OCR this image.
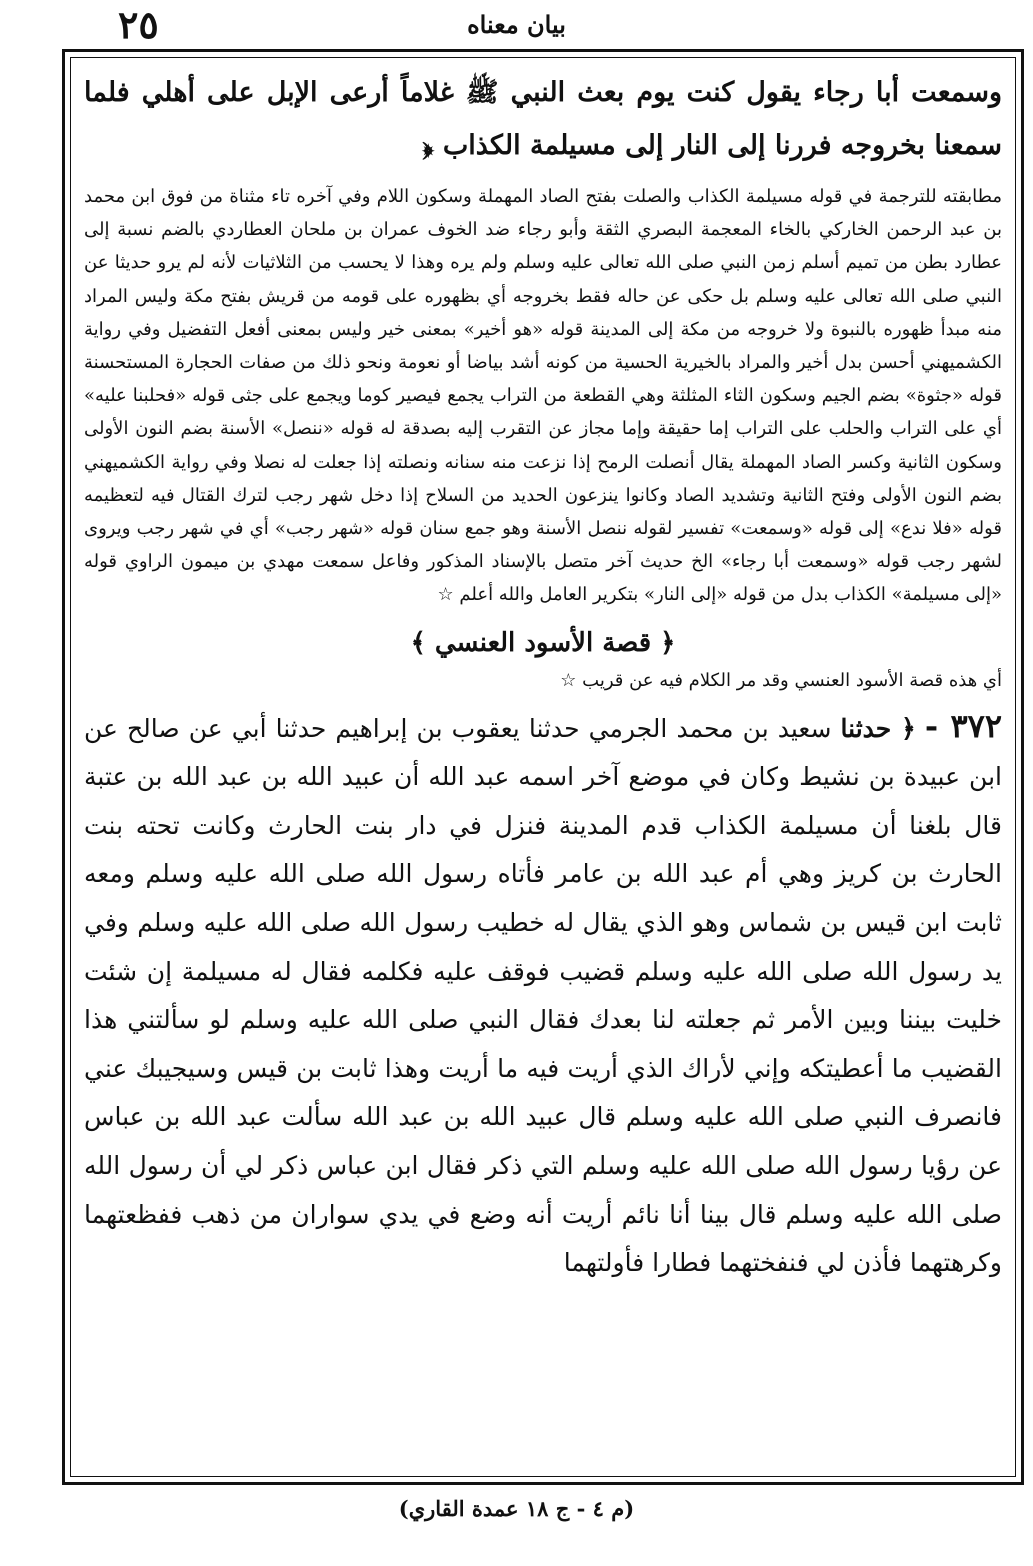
٢٥	بيان معناه

وسمعت أبا رجاء يقول كنت يوم بعث النبي ﷺ غلاماً أرعى الإبل على أهلي فلما سمعنا بخروجه فررنا إلى النار إلى مسيلمة الكذاب ﴿

مطابقته للترجمة في قوله مسيلمة الكذاب والصلت بفتح الصاد المهملة وسكون اللام وفي آخره تاء مثناة من فوق ابن محمد بن عبد الرحمن الخاركي بالخاء المعجمة البصري الثقة وأبو رجاء ضد الخوف عمران بن ملحان العطاردي بالضم نسبة إلى عطارد بطن من تميم أسلم زمن النبي صلى الله تعالى عليه وسلم ولم يره وهذا لا يحسب من الثلاثيات لأنه لم يرو حديثا عن النبي صلى الله تعالى عليه وسلم بل حكى عن حاله فقط بخروجه أي بظهوره على قومه من قريش بفتح مكة وليس المراد منه مبدأ ظهوره بالنبوة ولا خروجه من مكة إلى المدينة قوله «هو أخير» بمعنى خير وليس بمعنى أفعل التفضيل وفي رواية الكشميهني أحسن بدل أخير والمراد بالخيرية الحسية من كونه أشد بياضا أو نعومة ونحو ذلك من صفات الحجارة المستحسنة قوله «جثوة» بضم الجيم وسكون الثاء المثلثة وهي القطعة من التراب يجمع فيصير كوما ويجمع على جثى قوله «فحلبنا عليه» أي على التراب والحلب على التراب إما حقيقة وإما مجاز عن التقرب إليه بصدقة له قوله «ننصل» الأسنة بضم النون الأولى وسكون الثانية وكسر الصاد المهملة يقال أنصلت الرمح إذا نزعت منه سنانه ونصلته إذا جعلت له نصلا وفي رواية الكشميهني بضم النون الأولى وفتح الثانية وتشديد الصاد وكانوا ينزعون الحديد من السلاح إذا دخل شهر رجب لترك القتال فيه لتعظيمه قوله «فلا ندع» إلى قوله «وسمعت» تفسير لقوله ننصل الأسنة وهو جمع سنان قوله «شهر رجب» أي في شهر رجب ويروى لشهر رجب قوله «وسمعت أبا رجاء» الخ حديث آخر متصل بالإسناد المذكور وفاعل سمعت مهدي بن ميمون الراوي قوله «إلى مسيلمة» الكذاب بدل من قوله «إلى النار» بتكرير العامل والله أعلم ☆

﴿ قصة الأسود العنسي ﴾

أي هذه قصة الأسود العنسي وقد مر الكلام فيه عن قريب ☆

٣٧٢ - ﴿ حدثنا سعيد بن محمد الجرمي حدثنا يعقوب بن إبراهيم حدثنا أبي عن صالح عن ابن عبيدة بن نشيط وكان في موضع آخر اسمه عبد الله أن عبيد الله بن عبد الله بن عتبة قال بلغنا أن مسيلمة الكذاب قدم المدينة فنزل في دار بنت الحارث وكانت تحته بنت الحارث بن كريز وهي أم عبد الله بن عامر فأتاه رسول الله صلى الله عليه وسلم ومعه ثابت ابن قيس بن شماس وهو الذي يقال له خطيب رسول الله صلى الله عليه وسلم وفي يد رسول الله صلى الله عليه وسلم قضيب فوقف عليه فكلمه فقال له مسيلمة إن شئت خليت بيننا وبين الأمر ثم جعلته لنا بعدك فقال النبي صلى الله عليه وسلم لو سألتني هذا القضيب ما أعطيتكه وإني لأراك الذي أريت فيه ما أريت وهذا ثابت بن قيس وسيجيبك عني فانصرف النبي صلى الله عليه وسلم قال عبيد الله بن عبد الله سألت عبد الله بن عباس عن رؤيا رسول الله صلى الله عليه وسلم التي ذكر فقال ابن عباس ذكر لي أن رسول الله صلى الله عليه وسلم قال بينا أنا نائم أريت أنه وضع في يدي سواران من ذهب ففظعتهما وكرهتهما فأذن لي فنفختهما فطارا فأولتهما

(م ٤ - ج ١٨ عمدة القاري)
